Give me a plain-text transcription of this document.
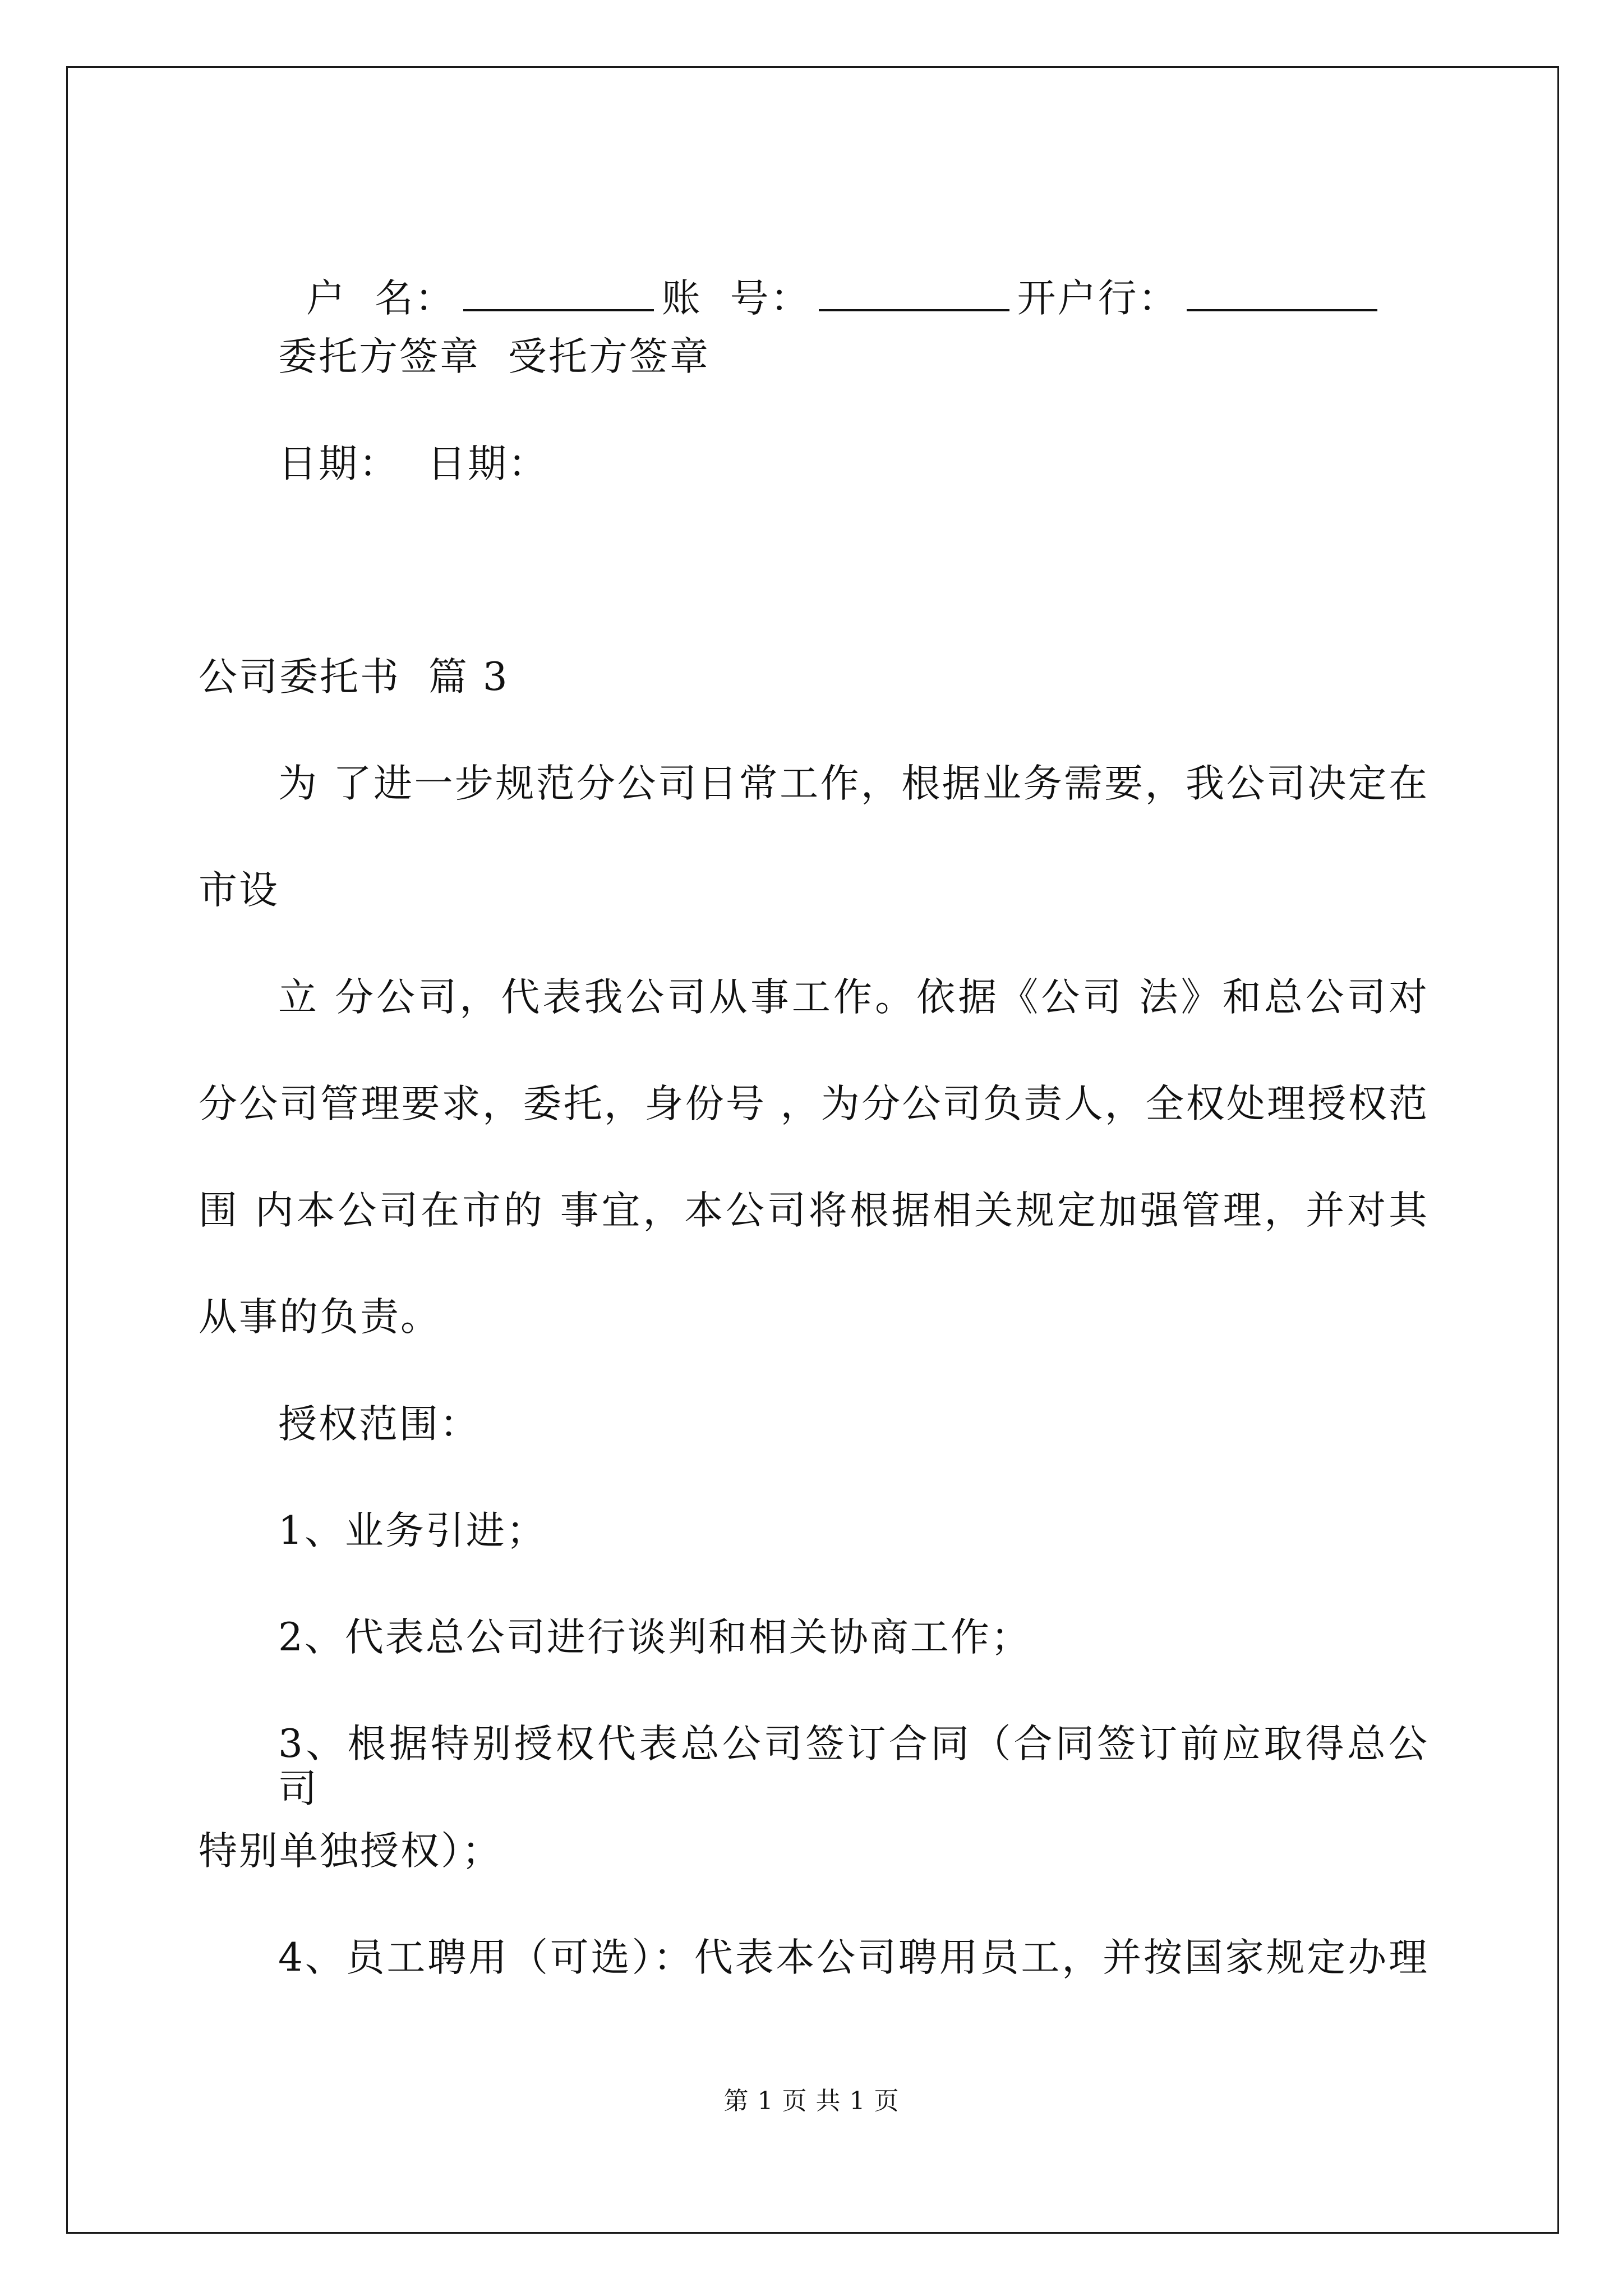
户  名：	账  号：	开户行：

委托方签章  受托方签章
日期：  日期：
公司委托书  篇 3
为 了进一步规范分公司日常工作，根据业务需要，我公司决定在
市设
立 分公司，代表我公司从事工作。依据《公司 法》和总公司对
分公司管理要求，委托，身份号 ，为分公司负责人，全权处理授权范
围 内本公司在市的 事宜，本公司将根据相关规定加强管理，并对其
从事的负责。
授权范围：
1、业务引进；
2、代表总公司进行谈判和相关协商工作；
3、根据特别授权代表总公司签订合同（合同签订前应取得总公司
特别单独授权）；
4、员工聘用（可选）：代表本公司聘用员工，并按国家规定办理
第 1 页 共 1 页
